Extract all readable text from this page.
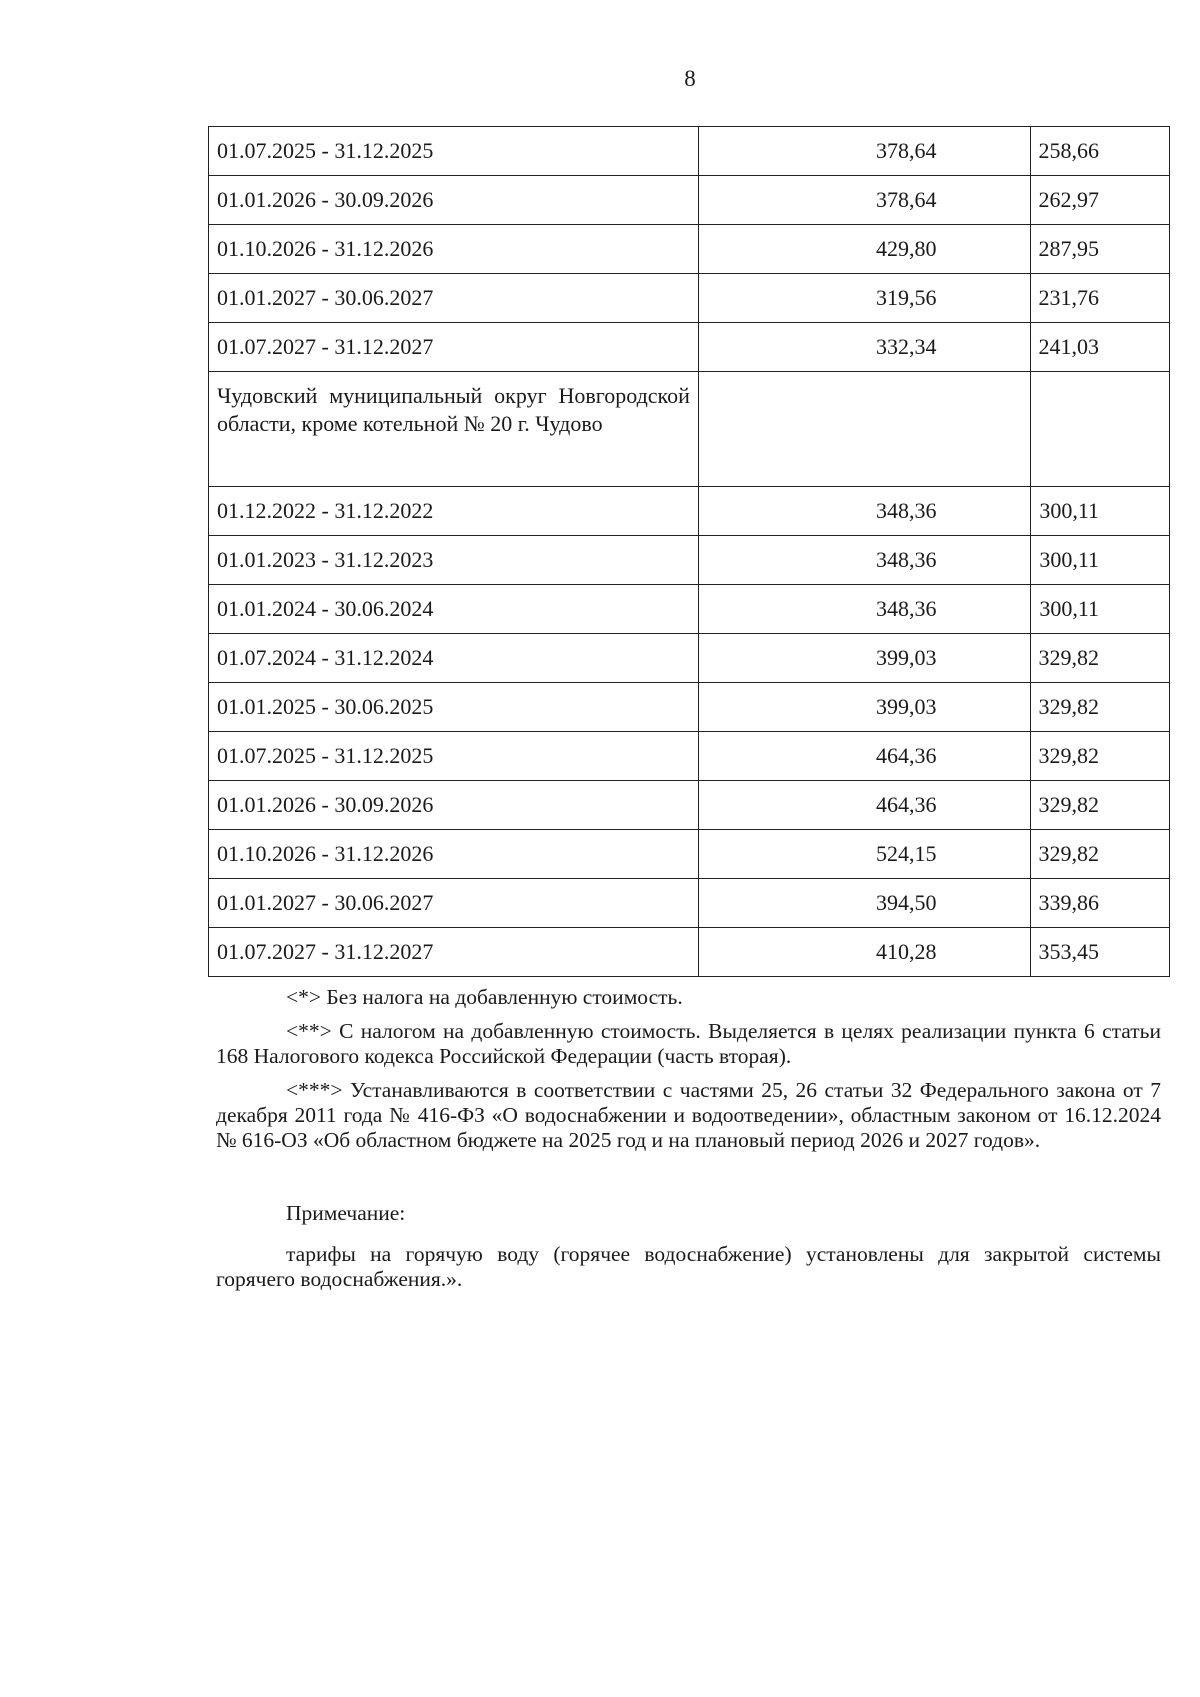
8
01.07.2025 - 31.12.2025	378,64	258,66
01.01.2026 - 30.09.2026	378,64	262,97
01.10.2026 - 31.12.2026	429,80	287,95
01.01.2027 - 30.06.2027	319,56	231,76
01.07.2027 - 31.12.2027	332,34	241,03
Чудовский муниципальный округ Новгородской области, кроме котельной № 20 г. Чудово		
01.12.2022 - 31.12.2022	348,36	300,11
01.01.2023 - 31.12.2023	348,36	300,11
01.01.2024 - 30.06.2024	348,36	300,11
01.07.2024 - 31.12.2024	399,03	329,82
01.01.2025 - 30.06.2025	399,03	329,82
01.07.2025 - 31.12.2025	464,36	329,82
01.01.2026 - 30.09.2026	464,36	329,82
01.10.2026 - 31.12.2026	524,15	329,82
01.01.2027 - 30.06.2027	394,50	339,86
01.07.2027 - 31.12.2027	410,28	353,45

<*> Без налога на добавленную стоимость.

<**> С налогом на добавленную стоимость. Выделяется в целях реализации пункта 6 статьи 168 Налогового кодекса Российской Федерации (часть вторая).

<***> Устанавливаются в соответствии с частями 25, 26 статьи 32 Федерального закона от 7 декабря 2011 года № 416-ФЗ «О водоснабжении и водоотведении», областным законом от 16.12.2024 № 616-ОЗ «Об областном бюджете на 2025 год и на плановый период 2026 и 2027 годов».

Примечание:

тарифы на горячую воду (горячее водоснабжение) установлены для закрытой системы горячего водоснабжения.».
